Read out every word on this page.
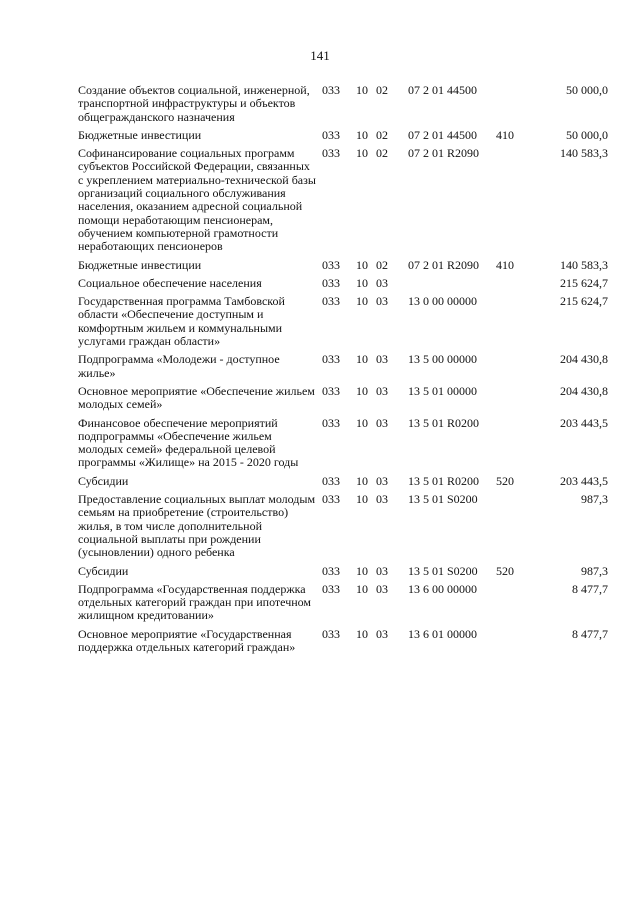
141
Создание объектов социальной, инженерной, транспортной инфраструктуры и объектов общегражданского назначения	033	10	02	07 2 01 44500		50 000,0
Бюджетные инвестиции	033	10	02	07 2 01 44500	410	50 000,0
Софинансирование социальных программ субъектов Российской Федерации, связанных с укреплением материально-технической базы организаций социального обслуживания населения, оказанием адресной социальной помощи неработающим пенсионерам, обучением компьютерной грамотности неработающих пенсионеров	033	10	02	07 2 01 R2090		140 583,3
Бюджетные инвестиции	033	10	02	07 2 01 R2090	410	140 583,3
Социальное обеспечение населения	033	10	03			215 624,7
Государственная программа Тамбовской области «Обеспечение доступным и комфортным жильем и коммунальными услугами граждан области»	033	10	03	13 0 00 00000		215 624,7
Подпрограмма «Молодежи - доступное жилье»	033	10	03	13 5 00 00000		204 430,8
Основное мероприятие «Обеспечение жильем молодых семей»	033	10	03	13 5 01 00000		204 430,8
Финансовое обеспечение мероприятий подпрограммы «Обеспечение жильем молодых семей» федеральной целевой программы «Жилище» на 2015 - 2020 годы	033	10	03	13 5 01 R0200		203 443,5
Субсидии	033	10	03	13 5 01 R0200	520	203 443,5
Предоставление социальных выплат молодым семьям на приобретение (строительство) жилья, в том числе дополнительной социальной выплаты при рождении (усыновлении) одного ребенка	033	10	03	13 5 01 S0200		987,3
Субсидии	033	10	03	13 5 01 S0200	520	987,3
Подпрограмма «Государственная поддержка отдельных категорий граждан при ипотечном жилищном кредитовании»	033	10	03	13 6 00 00000		8 477,7
Основное мероприятие «Государственная поддержка отдельных категорий граждан»	033	10	03	13 6 01 00000		8 477,7
